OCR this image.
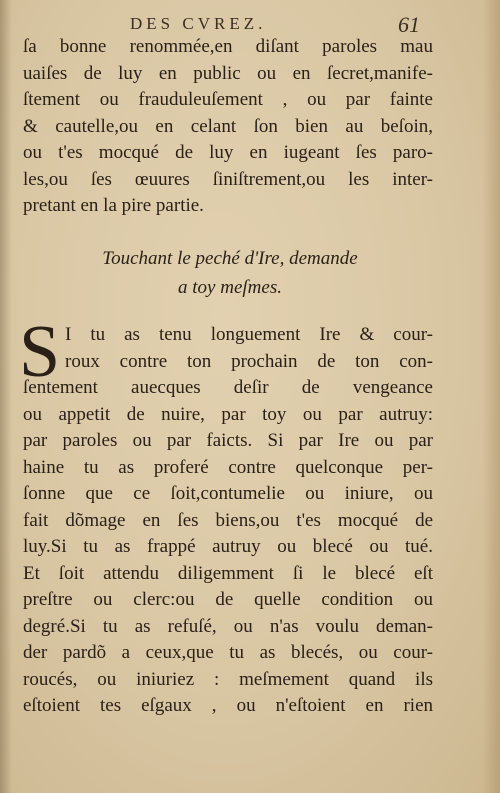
DES CVREZ.	61
ſa bonne renommée,en diſant paroles mau
uaiſes de luy en public ou en ſecret,manife-
ſtement ou frauduleuſement , ou par fainte
& cautelle,ou en celant ſon bien au beſoin,
ou t'es mocqué de luy en iugeant ſes paro-
les,ou ſes œuures ſiniſtrement,ou les inter-
pretant en la pire partie.
Touchant le peché d'Ire, demande
a toy meſmes.
S I tu as tenu longuement Ire & cour-
roux contre ton prochain de ton con-
ſentement auecques deſir de vengeance
ou appetit de nuire, par toy ou par autruy:
par paroles ou par faicts. Si par Ire ou par
haine tu as proferé contre quelconque per-
ſonne que ce ſoit,contumelie ou iniure, ou
fait dõmage en ſes biens,ou t'es mocqué de
luy.Si tu as frappé autruy ou blecé ou tué.
Et ſoit attendu diligemment ſi le blecé eſt
preſtre ou clerc:ou de quelle condition ou
degré.Si tu as refuſé, ou n'as voulu deman-
der pardõ a ceux,que tu as blecés, ou cour-
roucés, ou iniuriez : meſmement quand ils
eſtoient tes eſgaux , ou n'eſtoient en rien
